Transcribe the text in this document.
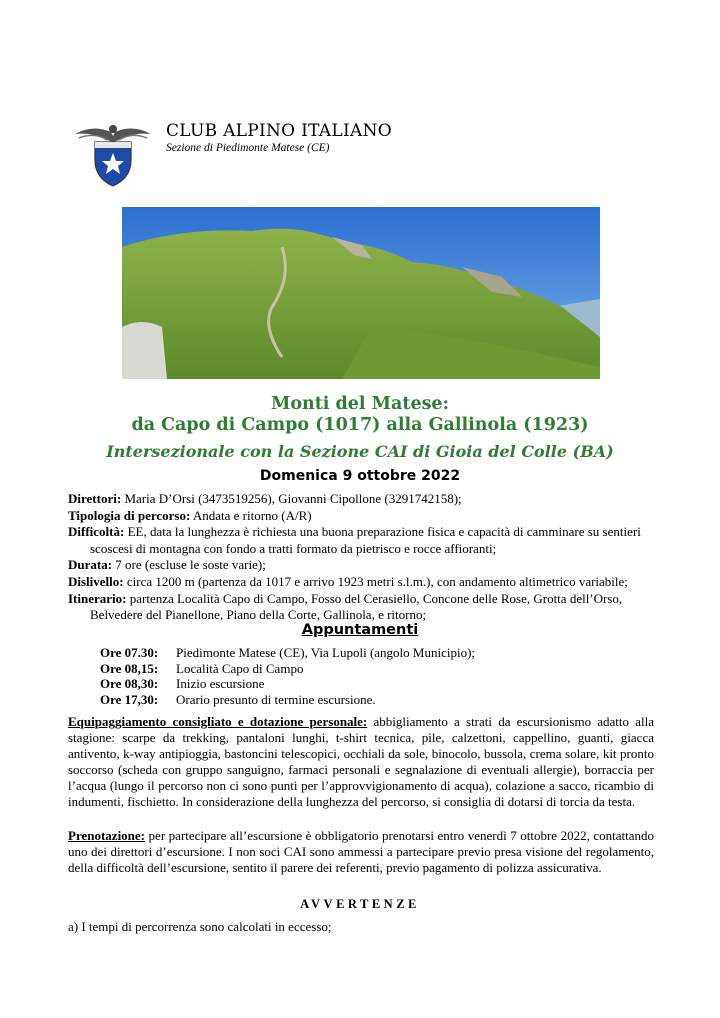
CLUB ALPINO ITALIANO
Sezione di Piedimonte Matese (CE)
Monti del Matese:
da Capo di Campo (1017) alla Gallinola (1923)
Intersezionale con la Sezione CAI di Gioia del Colle (BA)
Domenica 9 ottobre 2022

Direttori: Maria D’Orsi (3473519256), Giovanni Cipollone (3291742158);

Tipologia di percorso: Andata e ritorno (A/R)

Difficoltà: EE, data la lunghezza è richiesta una buona preparazione fisica e capacità di camminare su sentieri

scoscesi di montagna con fondo a tratti formato da pietrisco e rocce affioranti;

Durata: 7 ore (escluse le soste varie);

Dislivello: circa 1200 m (partenza da 1017 e arrivo 1923 metri s.l.m.), con andamento altimetrico variabile;

Itinerario: partenza Località Capo di Campo, Fosso del Cerasiello, Concone delle Rose, Grotta dell’Orso,

Belvedere del Pianellone, Piano della Corte, Gallinola, e ritorno;

Appuntamenti
Ore 07.30:	Piedimonte Matese (CE), Via Lupoli (angolo Municipio);
Ore 08,15:	Località Capo di Campo
Ore 08,30:	Inizio escursione
Ore 17,30:	Orario presunto di termine escursione.
Equipaggiamento consigliato e dotazione personale: abbigliamento a strati da escursionismo adatto alla stagione: scarpe da trekking, pantaloni lunghi, t-shirt tecnica, pile, calzettoni, cappellino, guanti, giacca antivento, k-way antipioggia, bastoncini telescopici, occhiali da sole, binocolo, bussola, crema solare, kit pronto soccorso (scheda con gruppo sanguigno, farmaci personali e segnalazione di eventuali allergie), borraccia per l’acqua (lungo il percorso non ci sono punti per l’approvvigionamento di acqua), colazione a sacco, ricambio di indumenti, fischietto. In considerazione della lunghezza del percorso, si consiglia di dotarsi di torcia da testa.
Prenotazione: per partecipare all’escursione è obbligatorio prenotarsi entro venerdì 7 ottobre 2022, contattando uno dei direttori d’escursione. I non soci CAI sono ammessi a partecipare previo presa visione del regolamento, della difficoltà dell’escursione, sentito il parere dei referenti, previo pagamento di polizza assicurativa.
AVVERTENZE
a) I tempi di percorrenza sono calcolati in eccesso;
